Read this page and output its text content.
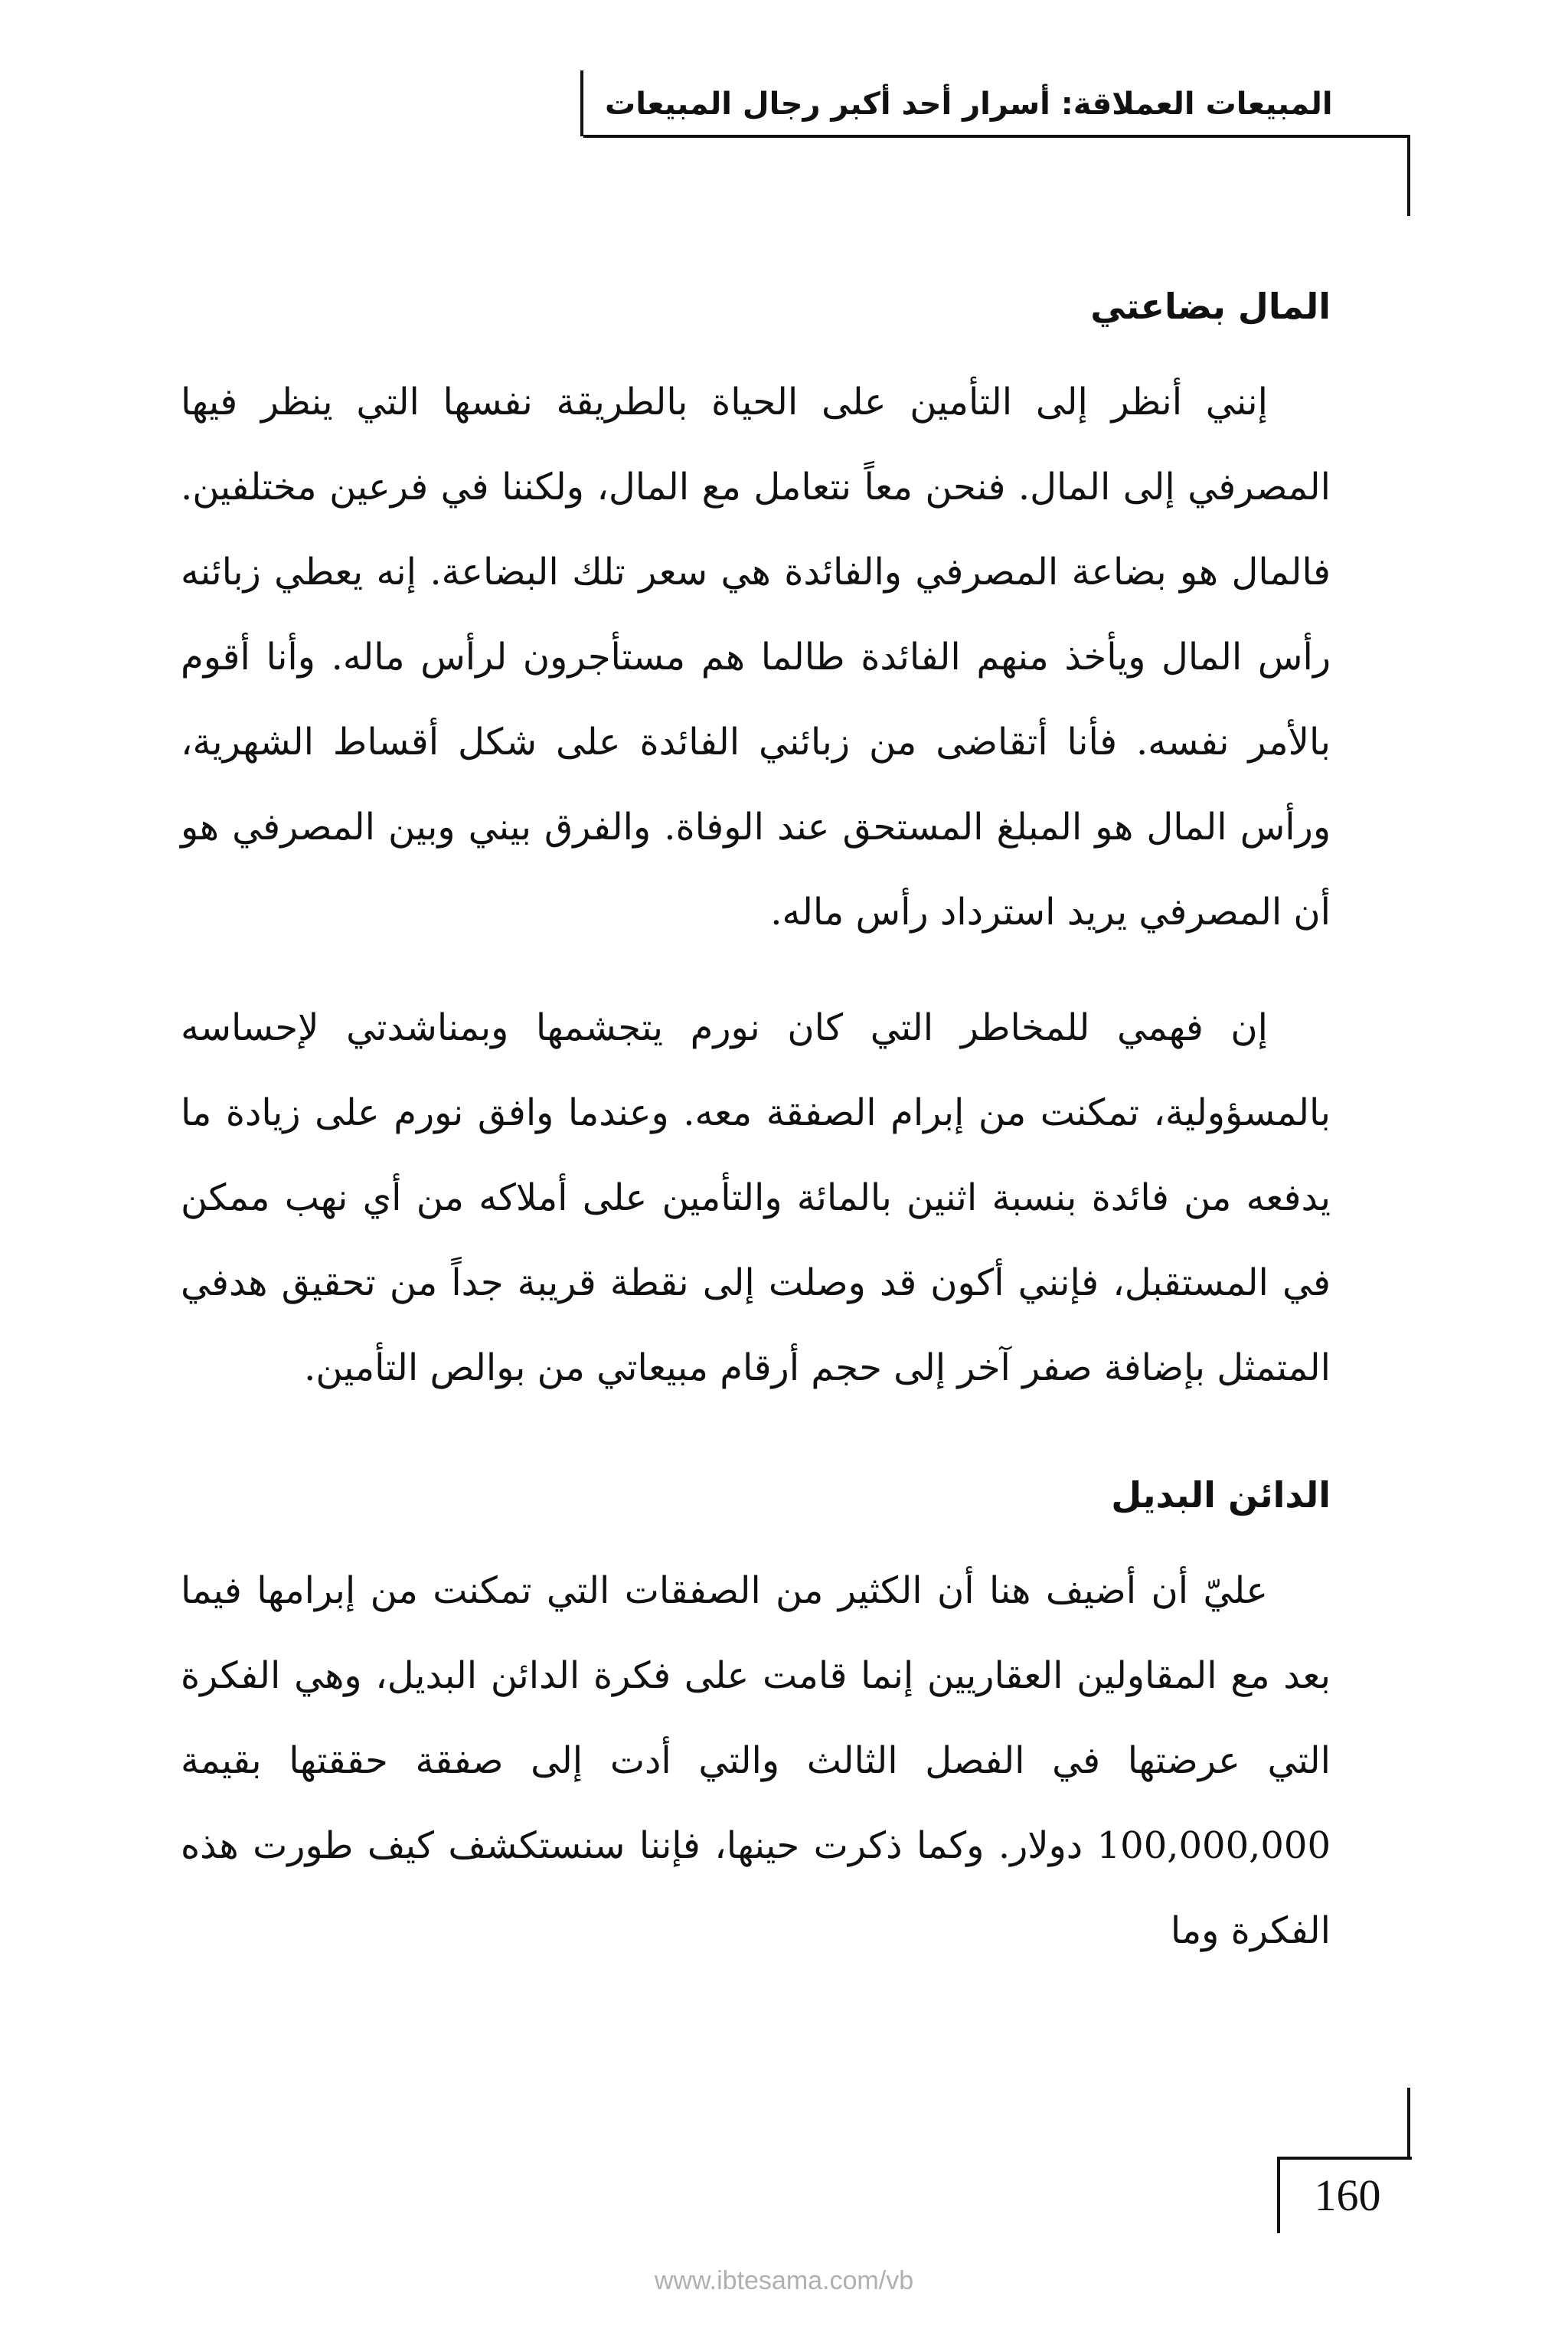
المبيعات العملاقة: أسرار أحد أكبر رجال المبيعات
المال بضاعتي

إنني أنظر إلى التأمين على الحياة بالطريقة نفسها التي ينظر فيها المصرفي إلى المال. فنحن معاً نتعامل مع المال، ولكننا في فرعين مختلفين. فالمال هو بضاعة المصرفي والفائدة هي سعر تلك البضاعة. إنه يعطي زبائنه رأس المال ويأخذ منهم الفائدة طالما هم مستأجرون لرأس ماله. وأنا أقوم بالأمر نفسه. فأنا أتقاضى من زبائني الفائدة على شكل أقساط الشهرية، ورأس المال هو المبلغ المستحق عند الوفاة. والفرق بيني وبين المصرفي هو أن المصرفي يريد استرداد رأس ماله.

إن فهمي للمخاطر التي كان نورم يتجشمها وبمناشدتي لإحساسه بالمسؤولية، تمكنت من إبرام الصفقة معه. وعندما وافق نورم على زيادة ما يدفعه من فائدة بنسبة اثنين بالمائة والتأمين على أملاكه من أي نهب ممكن في المستقبل، فإنني أكون قد وصلت إلى نقطة قريبة جداً من تحقيق هدفي المتمثل بإضافة صفر آخر إلى حجم أرقام مبيعاتي من بوالص التأمين.

الدائن البديل

عليّ أن أضيف هنا أن الكثير من الصفقات التي تمكنت من إبرامها فيما بعد مع المقاولين العقاريين إنما قامت على فكرة الدائن البديل، وهي الفكرة التي عرضتها في الفصل الثالث والتي أدت إلى صفقة حققتها بقيمة 100,000,000 دولار. وكما ذكرت حينها، فإننا سنستكشف كيف طورت هذه الفكرة وما

160
www.ibtesama.com/vb
